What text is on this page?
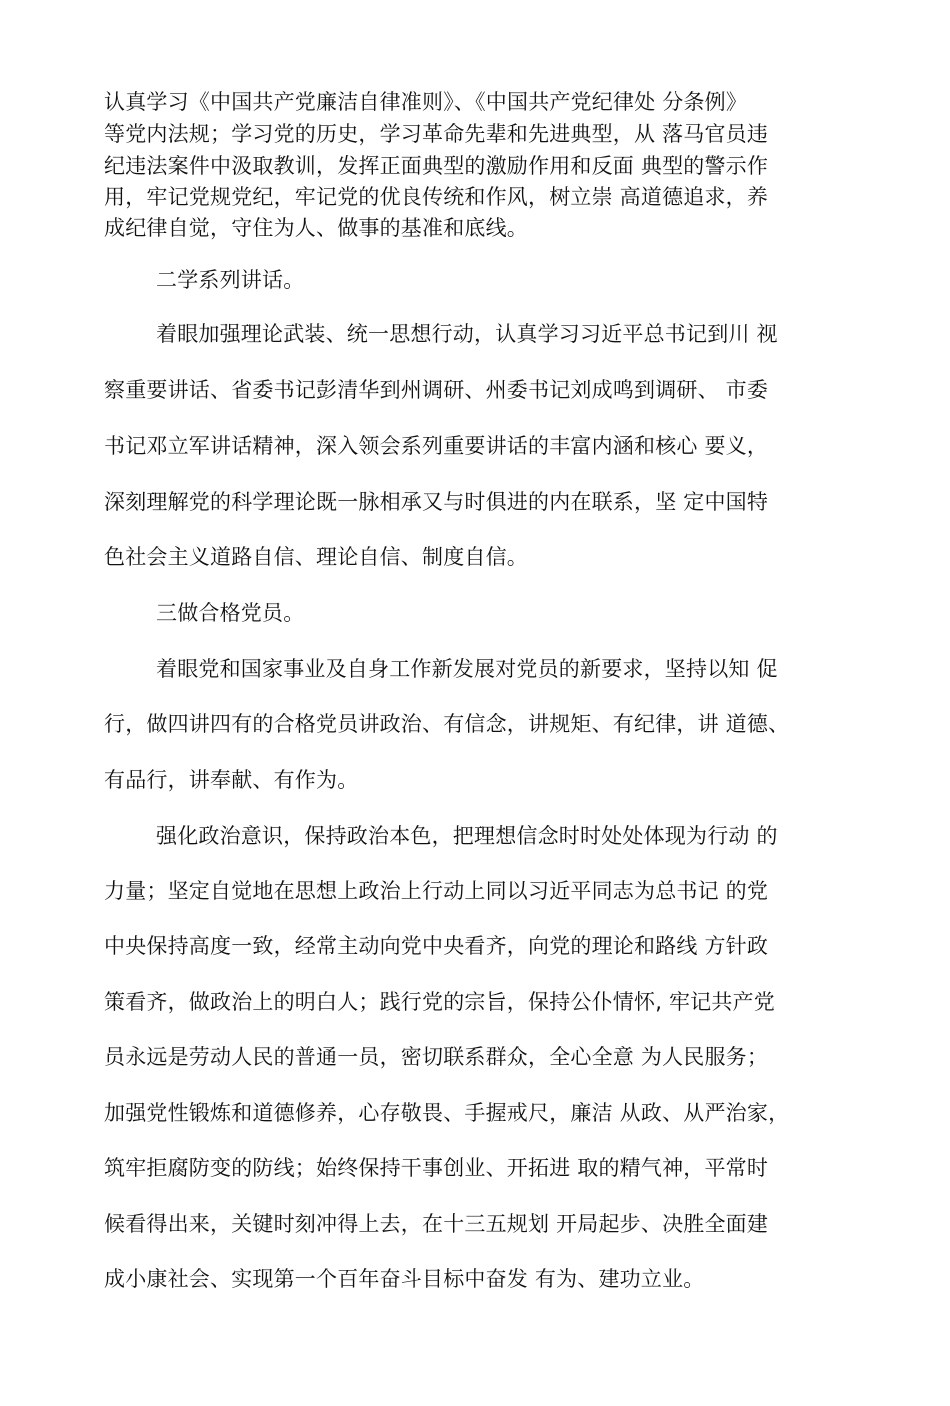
认真学习《中国共产党廉洁自律准则》、《中国共产党纪律处 分条例》
等党内法规；学习党的历史，学习革命先辈和先进典型，从 落马官员违
纪违法案件中汲取教训，发挥正面典型的激励作用和反面 典型的警示作
用，牢记党规党纪，牢记党的优良传统和作风，树立崇 高道德追求，养
成纪律自觉，守住为人、做事的基准和底线。
二学系列讲话。
着眼加强理论武装、统一思想行动，认真学习习近平总书记到川 视
察重要讲话、省委书记彭清华到州调研、州委书记刘成鸣到调研、 市委
书记邓立军讲话精神，深入领会系列重要讲话的丰富内涵和核心 要义，
深刻理解党的科学理论既一脉相承又与时俱进的内在联系，坚 定中国特
色社会主义道路自信、理论自信、制度自信。
三做合格党员。
着眼党和国家事业及自身工作新发展对党员的新要求，坚持以知 促
行，做四讲四有的合格党员讲政治、有信念，讲规矩、有纪律，讲 道德、
有品行，讲奉献、有作为。
强化政治意识，保持政治本色，把理想信念时时处处体现为行动 的
力量；坚定自觉地在思想上政治上行动上同以习近平同志为总书记 的党
中央保持高度一致，经常主动向党中央看齐，向党的理论和路线 方针政
策看齐，做政治上的明白人；践行党的宗旨，保持公仆情怀, 牢记共产党
员永远是劳动人民的普通一员，密切联系群众，全心全意 为人民服务；
加强党性锻炼和道德修养，心存敬畏、手握戒尺，廉洁 从政、从严治家，
筑牢拒腐防变的防线；始终保持干事创业、开拓进 取的精气神，平常时
候看得出来，关键时刻冲得上去，在十三五规划 开局起步、决胜全面建
成小康社会、实现第一个百年奋斗目标中奋发 有为、建功立业。
